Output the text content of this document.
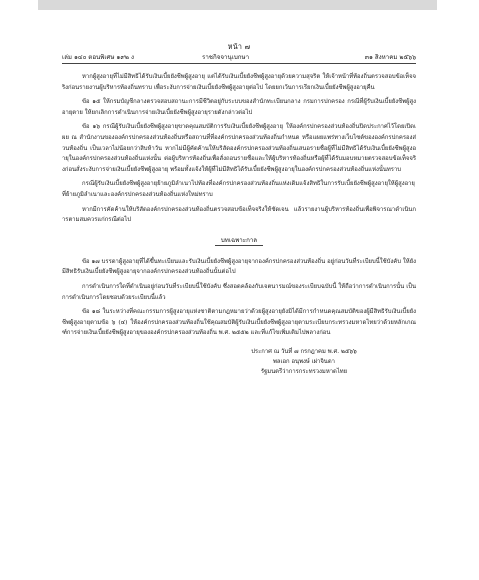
หน้า ๗

เล่ม ๑๔๐ ตอนพิเศษ ๑๙๒ ง	ราชกิจจานุเบกษา	๓๑ สิงหาคม ๒๕๖๖

หากผู้สูงอายุที่ไม่มีสิทธิได้รับเงินเบี้ยยังชีพผู้สูงอายุ แต่ได้รับเงินเบี้ยยังชีพผู้สูงอายุด้วยความสุจริต ให้เจ้าหน้าที่ท้องถิ่นตรวจสอบข้อเท็จจริงก่อนรายงานผู้บริหารท้องถิ่นทราบ เพื่อระงับการจ่ายเงินเบี้ยยังชีพผู้สูงอายุต่อไป โดยยกเว้นการเรียกเงินเบี้ยยังชีพผู้สูงอายุคืน

ข้อ ๑๕ ให้กรมบัญชีกลางตรวจสอบสถานะการมีชีวิตอยู่กับระบบของสำนักทะเบียนกลาง กรมการปกครอง กรณีที่ผู้รับเงินเบี้ยยังชีพผู้สูงอายุตาย ให้ยกเลิกการดำเนินการจ่ายเงินเบี้ยยังชีพผู้สูงอายุรายดังกล่าวต่อไป

ข้อ ๑๖ กรณีผู้รับเงินเบี้ยยังชีพผู้สูงอายุขาดคุณสมบัติการรับเงินเบี้ยยังชีพผู้สูงอายุ ให้องค์กรปกครองส่วนท้องถิ่นปิดประกาศไว้โดยเปิดเผย ณ สำนักงานขององค์กรปกครองส่วนท้องถิ่นหรือสถานที่ที่องค์กรปกครองส่วนท้องถิ่นกำหนด หรือแผยแพร่ทางเว็บไซต์ขององค์กรปกครองส่วนท้องถิ่น เป็นเวลาไม่น้อยกว่าสิบห้าวัน หากไม่มีผู้คัดค้านให้บริสัดองค์กรปกครองส่วนท้องถิ่นเสนอรายชื่อผู้ที่ไม่มีสิทธิได้รับเงินเบี้ยยังชีพผู้สูงอายุในองค์กรปกครองส่วนท้องถิ่นแห่งนั้น ต่อผู้บริหารท้องถิ่นเพื่อสั่งถอนรายชื่อและให้ผู้บริหารท้องถิ่นหรือผู้ที่ได้รับมอบหมายตรวจสอบข้อเท็จจริงก่อนสั่งระงับการจ่ายเงินเบี้ยยังชีพผู้สูงอายุ พร้อมทั้งแจ้งให้ผู้ที่ไม่มีสิทธิได้รับเบี้ยยังชีพผู้สูงอายุในองค์กรปกครองส่วนท้องถิ่นแห่งนั้นทราบ

กรณีผู้รับเงินเบี้ยยังชีพผู้สูงอายุย้ายภูมิลำเนาไปท้องที่องค์กรปกครองส่วนท้องถิ่นแห่งเดิมแจ้งสิทธิในการรับเบี้ยยังชีพผู้สูงอายุให้ผู้สูงอายุที่ย้ายภูมิลำเนาและองค์กรปกครองส่วนท้องถิ่นแห่งใหม่ทราบ

หากมีการคัดค้านให้บริสัดองค์กรปกครองส่วนท้องถิ่นตรวจสอบข้อเท็จจริงให้ชัดเจน แล้วรายงานผู้บริหารท้องถิ่นเพื่อพิจารณาดำเนินการตามสมควรแก่กรณีต่อไป

บทเฉพาะกาล

ข้อ ๑๗ บรรดาผู้สูงอายุที่ได้ขึ้นทะเบียนและรับเงินเบี้ยยังชีพผู้สูงอายุจากองค์กรปกครองส่วนท้องถิ่น อยู่ก่อนวันที่ระเบียบนี้ใช้บังคับ ให้ยังมีสิทธิรับเงินเบี้ยยังชีพผู้สูงอายุจากองค์กรปกครองส่วนท้องถิ่นนั้นต่อไป

การดำเนินการใดที่ดำเนินอยู่ก่อนวันที่ระเบียบนี้ใช้บังคับ ซึ่งสอดคล้องกับเจตนารมณ์ของระเบียบฉบับนี้ ให้ถือว่าการดำเนินการนั้น เป็นการดำเนินการโดยชอบด้วยระเบียบนี้แล้ว

ข้อ ๑๘ ในระหว่างที่คณะกรรมการผู้สูงอายุแห่งชาติตามกฎหมายว่าด้วยผู้สูงอายุยังมิได้มีการกำหนดคุณสมบัติของผู้มีสิทธิรับเงินเบี้ยยังชีพผู้สูงอายุตามข้อ ๖ (๔) ให้องค์กรปกครองส่วนท้องถิ่นใช้คุณสมบัติผู้รับเงินเบี้ยยังชีพผู้สูงอายุตามระเบียบกระทรวงมหาดไทยว่าด้วยหลักเกณฑ์การจ่ายเงินเบี้ยยังชีพผู้สูงอายุขององค์กรปกครองส่วนท้องถิ่น พ.ศ. ๒๕๕๒ และที่แก้ไขเพิ่มเติมไปพลางก่อน

ประกาศ ณ วันที่ ๗ กรกฎาคม พ.ศ. ๒๕๖๖
พลเอก อนุพงษ์ เผ่าจินดา
รัฐมนตรีว่าการกระทรวงมหาดไทย
